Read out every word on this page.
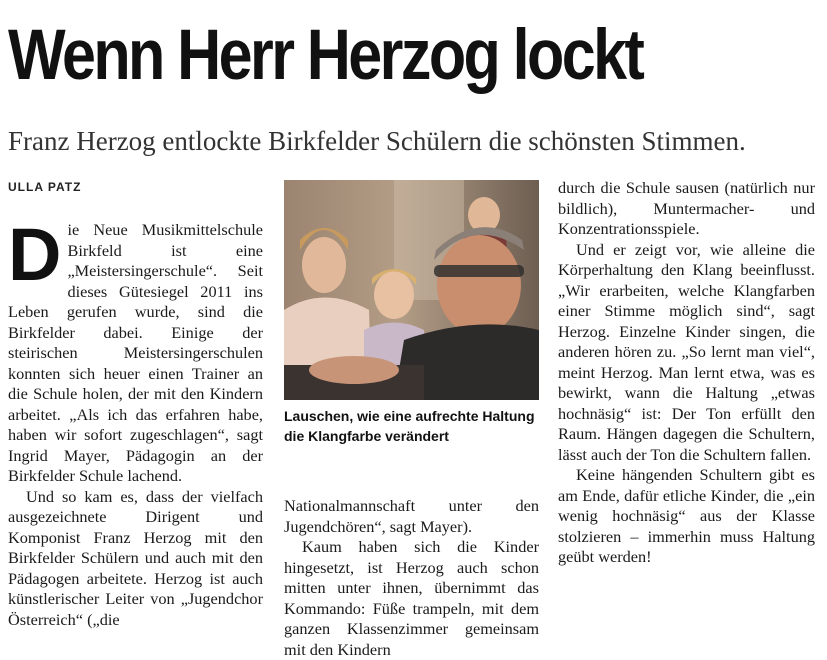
Wenn Herr Herzog lockt
Franz Herzog entlockte Birkfelder Schülern die schönsten Stimmen.
ULLA PATZ

Die Neue Musikmittelschule Birkfeld ist eine „Meistersingerschule“. Seit dieses Gütesiegel 2011 ins Leben gerufen wurde, sind die Birkfelder dabei. Einige der steirischen Meistersingerschulen konnten sich heuer einen Trainer an die Schule holen, der mit den Kindern arbeitet. „Als ich das erfahren habe, haben wir sofort zugeschlagen“, sagt Ingrid Mayer, Pädagogin an der Birkfelder Schule lachend.

Und so kam es, dass der vielfach ausgezeichnete Dirigent und Komponist Franz Herzog mit den Birkfelder Schülern und auch mit den Pädagogen arbeitete. Herzog ist auch künstlerischer Leiter von „Jugendchor Österreich“ („die

Lauschen, wie eine aufrechte Haltung die Klangfarbe verändert

Nationalmannschaft unter den Jugendchören“, sagt Mayer).

Kaum haben sich die Kinder hingesetzt, ist Herzog auch schon mitten unter ihnen, übernimmt das Kommando: Füße trampeln, mit dem ganzen Klassenzimmer gemeinsam mit den Kindern

durch die Schule sausen (natürlich nur bildlich), Muntermacher- und Konzentrationsspiele.

Und er zeigt vor, wie alleine die Körperhaltung den Klang beeinflusst. „Wir erarbeiten, welche Klangfarben einer Stimme möglich sind“, sagt Herzog. Einzelne Kinder singen, die anderen hören zu. „So lernt man viel“, meint Herzog. Man lernt etwa, was es bewirkt, wann die Haltung „etwas hochnäsig“ ist: Der Ton erfüllt den Raum. Hängen dagegen die Schultern, lässt auch der Ton die Schultern fallen.

Keine hängenden Schultern gibt es am Ende, dafür etliche Kinder, die „ein wenig hochnäsig“ aus der Klasse stolzieren – immerhin muss Haltung geübt werden!
